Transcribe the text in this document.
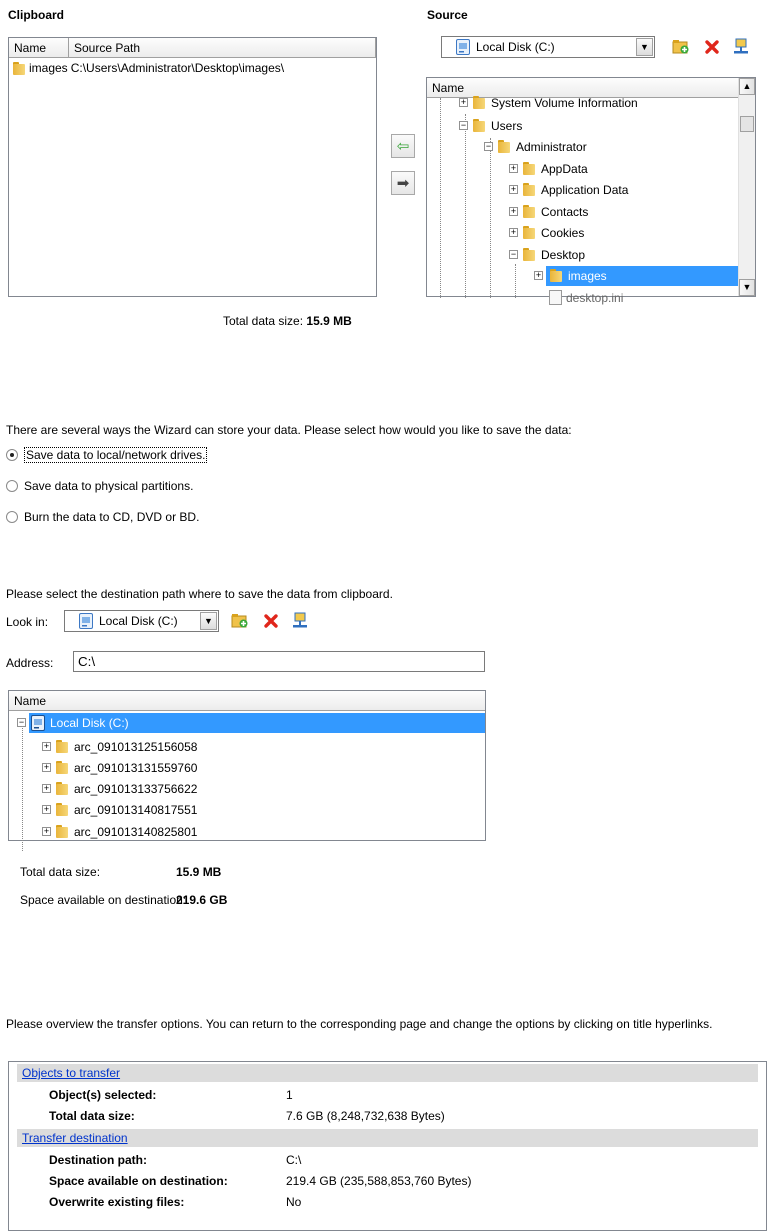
Clipboard	Source
Name	Source Path
images C:\Users\Administrator\Desktop\images\
Total data size: 15.9 MB
⇦
➡
Local Disk (C:)	▼
Name
+ System Volume Information
− Users
− Administrator
+ AppData
+ Application Data
+ Contacts
+ Cookies
− Desktop
+ images
desktop.ini
▲
▼
There are several ways the Wizard can store your data. Please select how would you like to save the data:
Save data to local/network drives.
Save data to physical partitions.
Burn the data to CD, DVD or BD.
Please select the destination path where to save the data from clipboard.
Look in:	Local Disk (C:)	▼
Address:
C:\
Name
− Local Disk (C:)
+ arc_091013125156058
+ arc_091013131559760
+ arc_091013133756622
+ arc_091013140817551
+ arc_091013140825801
Total data size:	15.9 MB
Space available on destination:
219.6 GB
Please overview the transfer options. You can return to the corresponding page and change the options by clicking on title hyperlinks.
Objects to transfer
Object(s) selected:	1
Total data size:	7.6 GB (8,248,732,638 Bytes)
Transfer destination
Destination path:	C:\
Space available on destination:	219.4 GB (235,588,853,760 Bytes)
Overwrite existing files:	No
